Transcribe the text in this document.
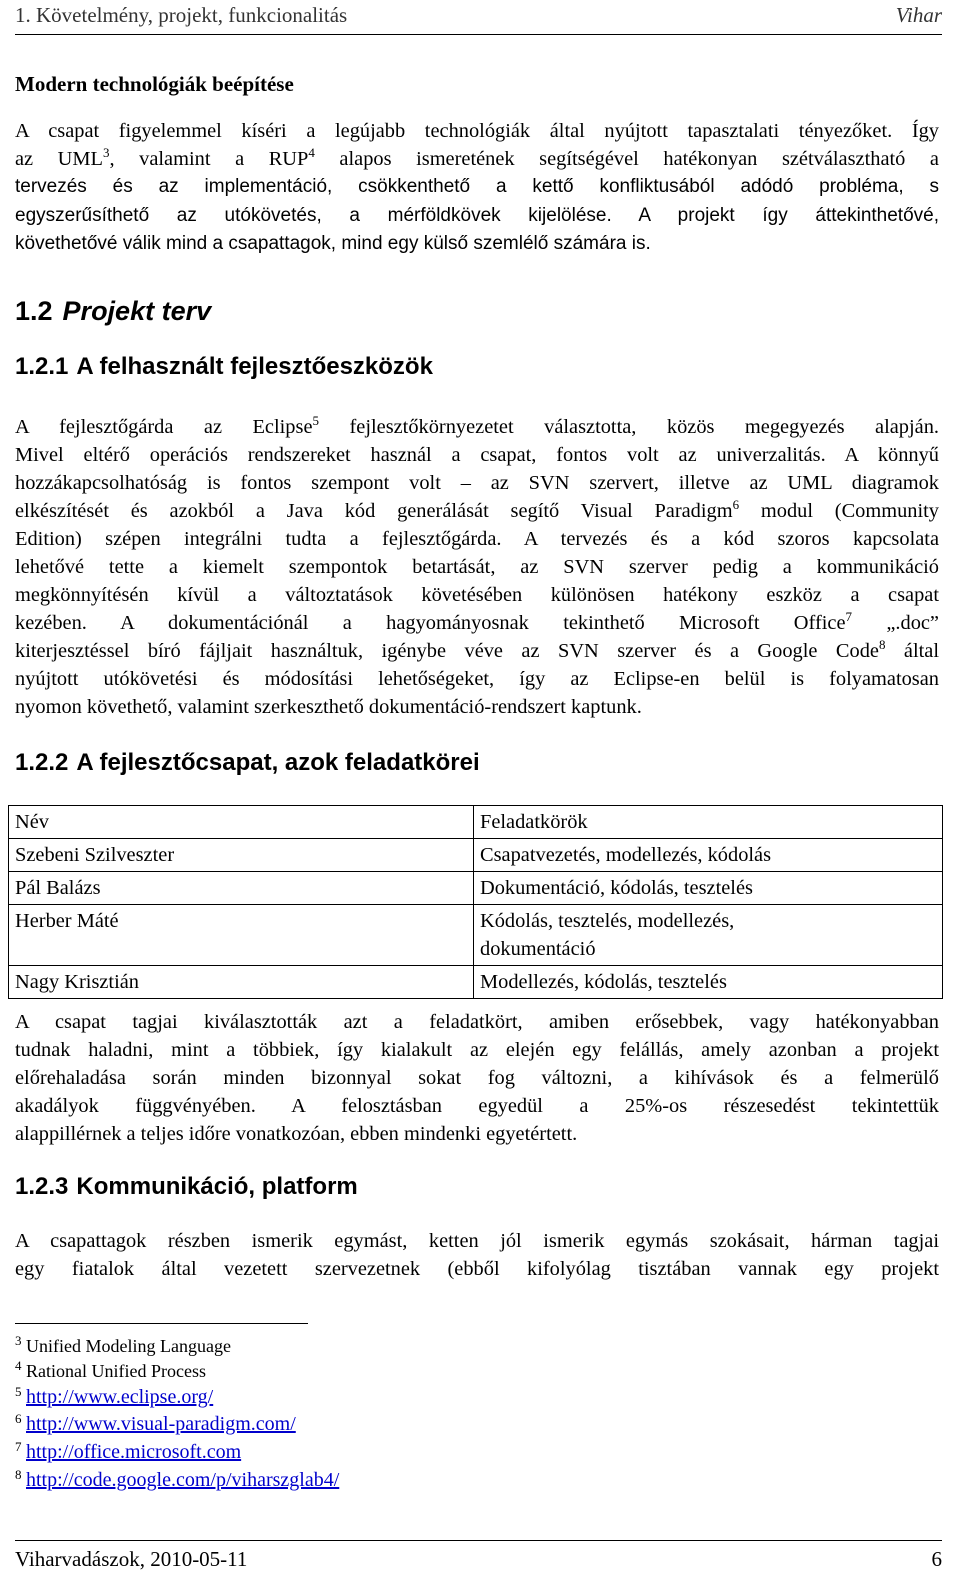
1. Követelmény, projekt, funkcionalitás	Vihar
Modern technológiák beépítése
A csapat figyelemmel kíséri a legújabb technológiák által nyújtott tapasztalati tényezőket. Így
az UML$^3$, valamint a RUP$^4$ alapos ismeretének segítségével hatékonyan szétválasztható a
tervezés és az implementáció, csökkenthető a kettő konfliktusából adódó probléma, s
egyszerűsíthető az utókövetés, a mérföldkövek kijelölése. A projekt így áttekinthetővé,
követhetővé válik mind a csapattagok, mind egy külső szemlélő számára is.
1.2 Projekt terv
1.2.1 A felhasznált fejlesztőeszközök
A fejlesztőgárda az Eclipse$^5$ fejlesztőkörnyezetet választotta, közös megegyezés alapján.
Mivel eltérő operációs rendszereket használ a csapat, fontos volt az univerzalitás. A könnyű
hozzákapcsolhatóság is fontos szempont volt – az SVN szervert, illetve az UML diagramok
elkészítését és azokból a Java kód generálását segítő Visual Paradigm$^6$ modul (Community
Edition) szépen integrálni tudta a fejlesztőgárda. A tervezés és a kód szoros kapcsolata
lehetővé tette a kiemelt szempontok betartását, az SVN szerver pedig a kommunikáció
megkönnyítésén kívül a változtatások követésében különösen hatékony eszköz a csapat
kezében. A dokumentációnál a hagyományosnak tekinthető Microsoft Office$^7$ „.doc”
kiterjesztéssel bíró fájljait használtuk, igénybe véve az SVN szerver és a Google Code$^8$ által
nyújtott utókövetési és módosítási lehetőségeket, így az Eclipse-en belül is folyamatosan
nyomon követhető, valamint szerkeszthető dokumentáció-rendszert kaptunk.
1.2.2 A fejlesztőcsapat, azok feladatkörei
Név	Feladatkörök
Szebeni Szilveszter	Csapatvezetés, modellezés, kódolás
Pál Balázs	Dokumentáció, kódolás, tesztelés
Herber Máté	Kódolás, tesztelés, modellezés,
dokumentáció
Nagy Krisztián	Modellezés, kódolás, tesztelés
A csapat tagjai kiválasztották azt a feladatkört, amiben erősebbek, vagy hatékonyabban
tudnak haladni, mint a többiek, így kialakult az elején egy felállás, amely azonban a projekt
előrehaladása során minden bizonnyal sokat fog változni, a kihívások és a felmerülő
akadályok függvényében. A felosztásban egyedül a 25%-os részesedést tekintettük
alappillérnek a teljes időre vonatkozóan, ebben mindenki egyetértett.
1.2.3 Kommunikáció, platform
A csapattagok részben ismerik egymást, ketten jól ismerik egymás szokásait, hárman tagjai
egy fiatalok által vezetett szervezetnek (ebből kifolyólag tisztában vannak egy projekt
$^3$ Unified Modeling Language
$^4$ Rational Unified Process
$^5$ http://www.eclipse.org/
$^6$ http://www.visual-paradigm.com/
$^7$ http://office.microsoft.com
$^8$ http://code.google.com/p/viharszglab4/
Viharvadászok, 2010-05-11	6
